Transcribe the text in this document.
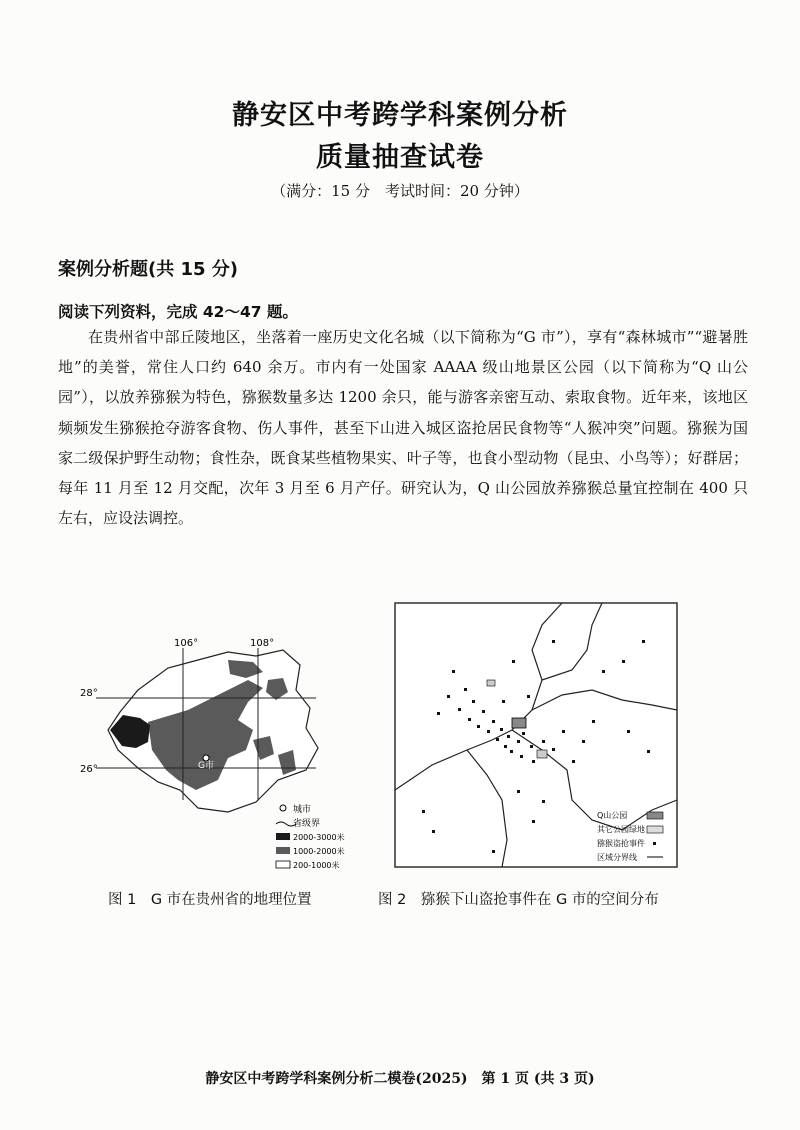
静安区中考跨学科案例分析
质量抽查试卷
（满分：15 分　考试时间：20 分钟）
案例分析题(共 15 分)
阅读下列资料，完成 42～47 题。
在贵州省中部丘陵地区，坐落着一座历史文化名城（以下简称为“G 市”），享有“森林城市”“避暑胜地”的美誉，常住人口约 640 余万。市内有一处国家 AAAA 级山地景区公园（以下简称为“Q 山公园”），以放养猕猴为特色，猕猴数量多达 1200 余只，能与游客亲密互动、索取食物。近年来，该地区频频发生猕猴抢夺游客食物、伤人事件，甚至下山进入城区盗抢居民食物等“人猴冲突”问题。猕猴为国家二级保护野生动物；食性杂，既食某些植物果实、叶子等，也食小型动物（昆虫、小鸟等）；好群居；每年 11 月至 12 月交配，次年 3 月至 6 月产仔。研究认为，Q 山公园放养猕猴总量宜控制在 400 只左右，应设法调控。
106°	108°
28°
26°	G市
城市
省级界
2000-3000米
1000-2000米
200-1000米
Q山公园
其它公园绿地
猕猴盗抢事件
区域分界线
图 1　G 市在贵州省的地理位置	图 2　猕猴下山盗抢事件在 G 市的空间分布
静安区中考跨学科案例分析二模卷(2025)　第 1 页 (共 3 页)
